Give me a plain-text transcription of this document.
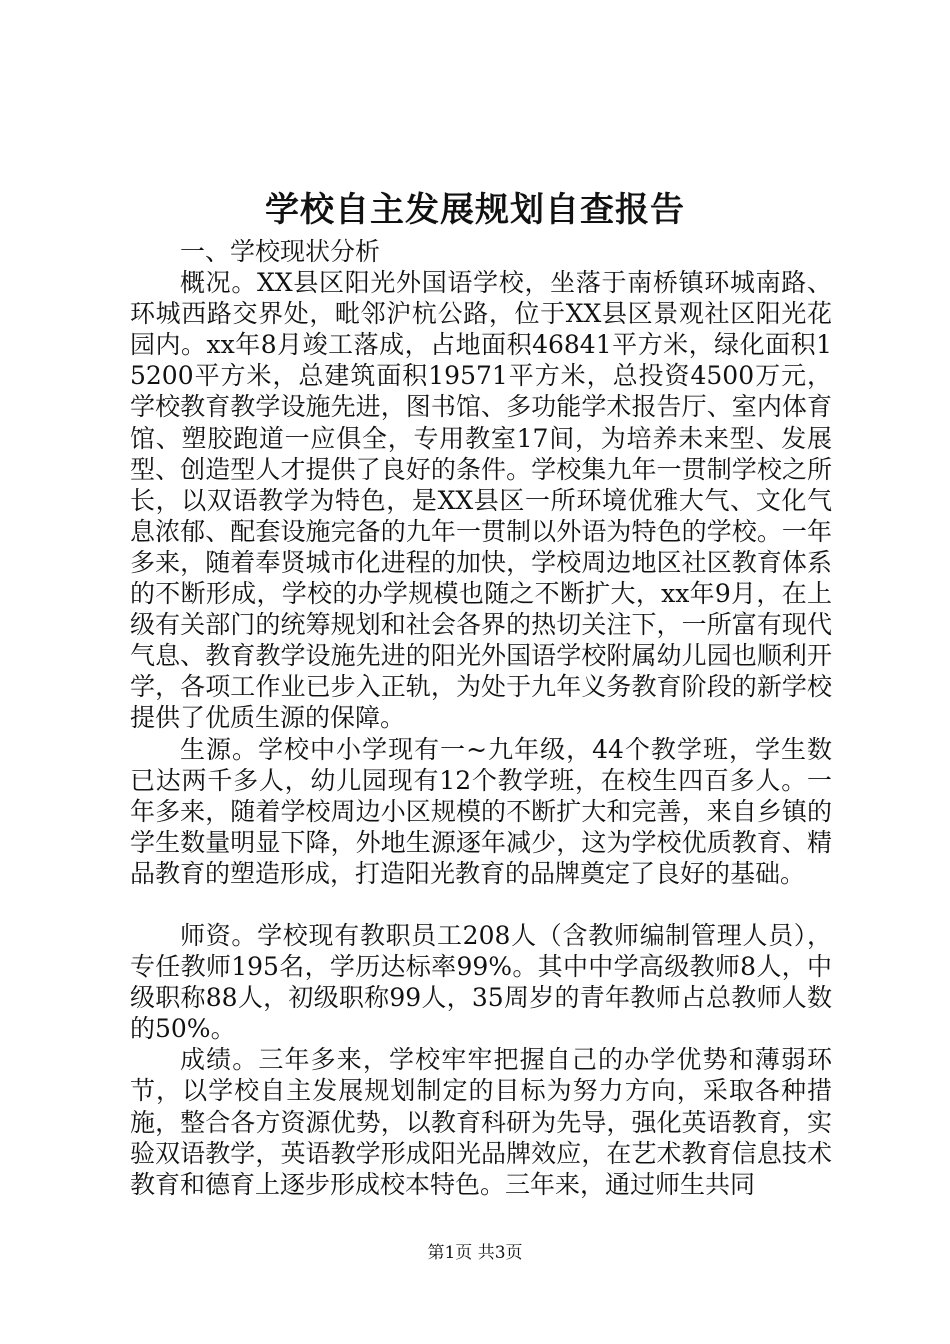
学校自主发展规划自查报告

一、学校现状分析

概况。XX县区阳光外国语学校，坐落于南桥镇环城南路、环城西路交界处，毗邻沪杭公路，位于XX县区景观社区阳光花园内。xx年8月竣工落成，占地面积46841平方米，绿化面积15200平方米，总建筑面积19571平方米，总投资4500万元，学校教育教学设施先进，图书馆、多功能学术报告厅、室内体育馆、塑胶跑道一应俱全，专用教室17间，为培养未来型、发展型、创造型人才提供了良好的条件。学校集九年一贯制学校之所长，以双语教学为特色，是XX县区一所环境优雅大气、文化气息浓郁、配套设施完备的九年一贯制以外语为特色的学校。一年多来，随着奉贤城市化进程的加快，学校周边地区社区教育体系的不断形成，学校的办学规模也随之不断扩大，xx年9月，在上级有关部门的统筹规划和社会各界的热切关注下，一所富有现代气息、教育教学设施先进的阳光外国语学校附属幼儿园也顺利开学，各项工作业已步入正轨，为处于九年义务教育阶段的新学校提供了优质生源的保障。

生源。学校中小学现有一~九年级，44个教学班，学生数已达两千多人，幼儿园现有12个教学班，在校生四百多人。一年多来，随着学校周边小区规模的不断扩大和完善，来自乡镇的学生数量明显下降，外地生源逐年减少，这为学校优质教育、精品教育的塑造形成，打造阳光教育的品牌奠定了良好的基础。

师资。学校现有教职员工208人（含教师编制管理人员），专任教师195名，学历达标率99%。其中中学高级教师8人，中级职称88人，初级职称99人，35周岁的青年教师占总教师人数的50%。

成绩。三年多来，学校牢牢把握自己的办学优势和薄弱环节，以学校自主发展规划制定的目标为努力方向，采取各种措施，整合各方资源优势，以教育科研为先导，强化英语教育，实验双语教学，英语教学形成阳光品牌效应，在艺术教育信息技术教育和德育上逐步形成校本特色。三年来，通过师生共同

第1页 共3页
